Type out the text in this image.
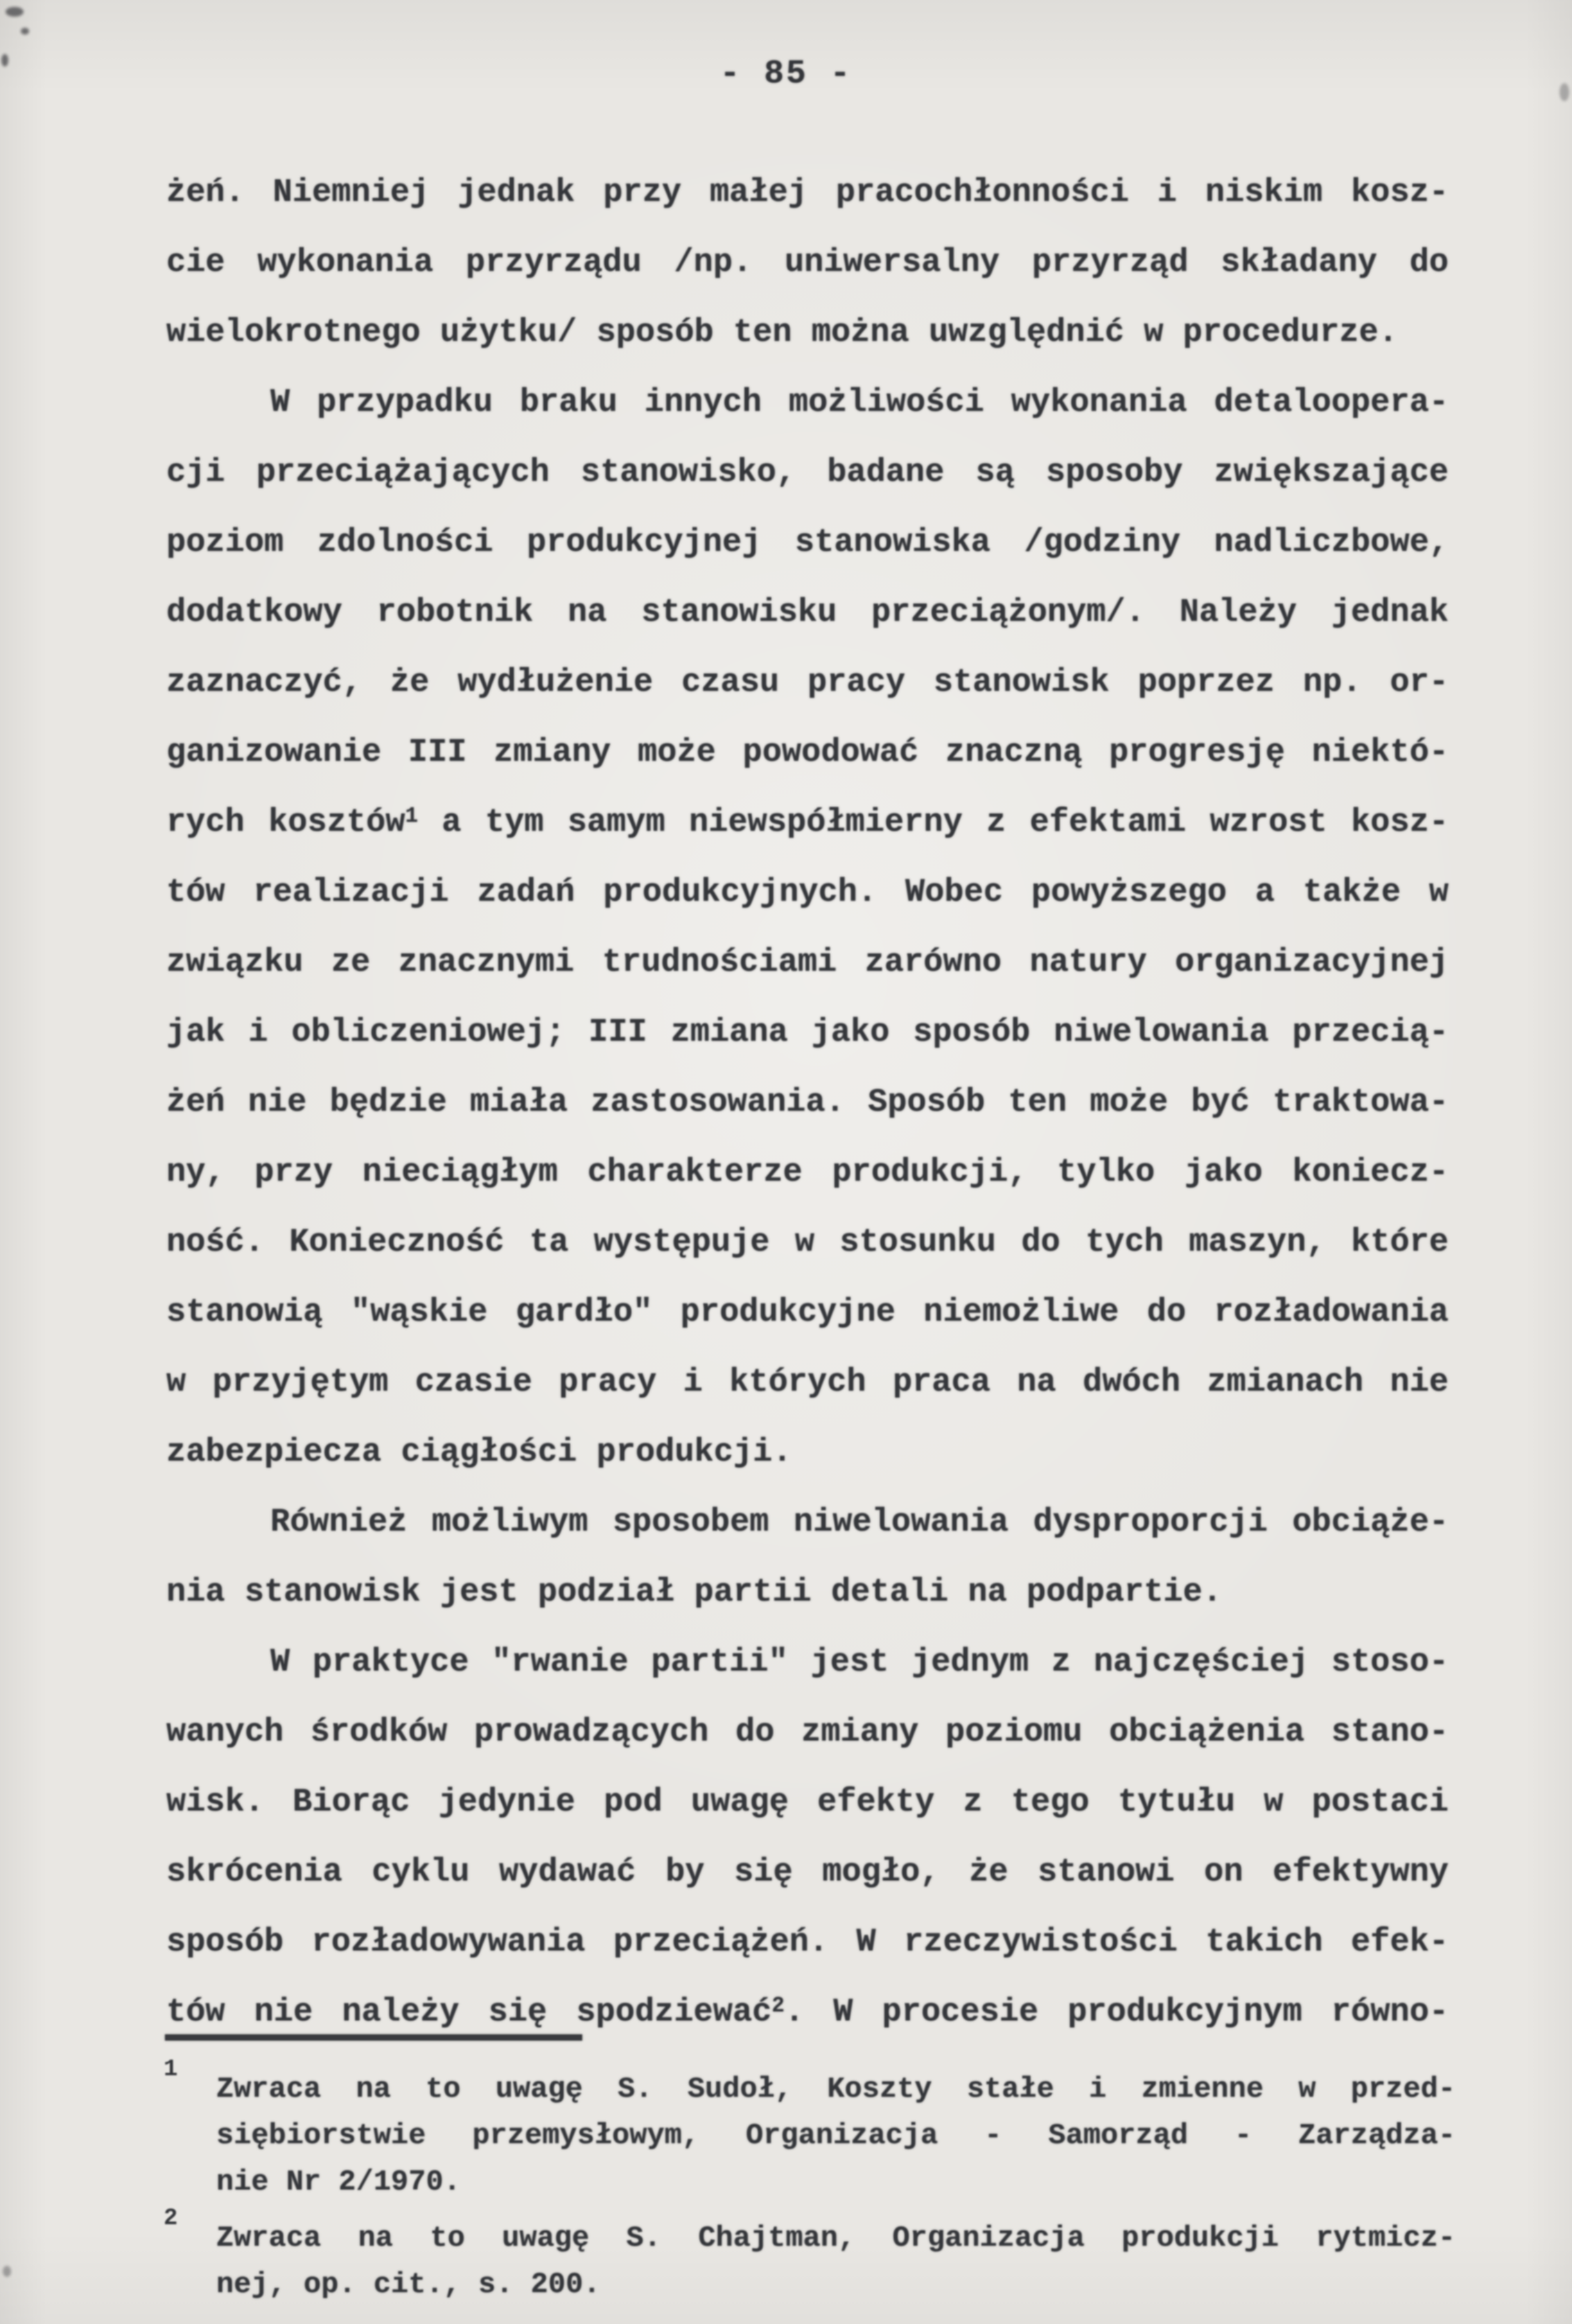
- 85 -
żeń. Niemniej jednak przy małej pracochłonności i niskim kosz-
cie wykonania przyrządu /np. uniwersalny przyrząd składany do
wielokrotnego użytku/ sposób ten można uwzględnić w procedurze.
W przypadku braku innych możliwości wykonania detaloopera-
cji przeciążających stanowisko, badane są sposoby zwiększające
poziom zdolności produkcyjnej stanowiska /godziny nadliczbowe,
dodatkowy robotnik na stanowisku przeciążonym/. Należy jednak
zaznaczyć, że wydłużenie czasu pracy stanowisk poprzez np. or-
ganizowanie III zmiany może powodować znaczną progresję niektó-
rych kosztów$^1$ a tym samym niewspółmierny z efektami wzrost kosz-
tów realizacji zadań produkcyjnych. Wobec powyższego a także w
związku ze znacznymi trudnościami zarówno natury organizacyjnej
jak i obliczeniowej; III zmiana jako sposób niwelowania przecią-
żeń nie będzie miała zastosowania. Sposób ten może być traktowa-
ny, przy nieciągłym charakterze produkcji, tylko jako koniecz-
ność. Konieczność ta występuje w stosunku do tych maszyn, które
stanowią "wąskie gardło" produkcyjne niemożliwe do rozładowania
w przyjętym czasie pracy i których praca na dwóch zmianach nie
zabezpiecza ciągłości produkcji.
Również możliwym sposobem niwelowania dysproporcji obciąże-
nia stanowisk jest podział partii detali na podpartie.
W praktyce "rwanie partii" jest jednym z najczęściej stoso-
wanych środków prowadzących do zmiany poziomu obciążenia stano-
wisk. Biorąc jedynie pod uwagę efekty z tego tytułu w postaci
skrócenia cyklu wydawać by się mogło, że stanowi on efektywny
sposób rozładowywania przeciążeń. W rzeczywistości takich efek-
tów nie należy się spodziewać$^2$. W procesie produkcyjnym równo-
1
Zwraca na to uwagę S. Sudoł, Koszty stałe i zmienne w przed-
siębiorstwie przemysłowym, Organizacja - Samorząd - Zarządza-
nie Nr 2/1970.
2
Zwraca na to uwagę S. Chajtman, Organizacja produkcji rytmicz-
nej, op. cit., s. 200.
